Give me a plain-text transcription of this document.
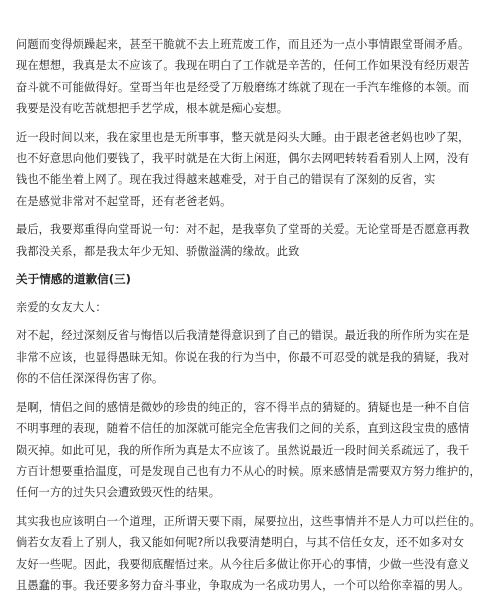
问题而变得烦躁起来，甚至干脆就不去上班荒废工作，而且还为一点小事情跟堂哥闹矛盾。
现在想想，我真是太不应该了。我现在明白了工作就是辛苦的，任何工作如果没有经历艰苦
奋斗就不可能做得好。堂哥当年也是经受了万般磨练才练就了现在一手汽车维修的本领。而
我要是没有吃苦就想把手艺学成，根本就是痴心妄想。
近一段时间以来，我在家里也是无所事事，整天就是闷头大睡。由于跟老爸老妈也吵了架，
也不好意思向他们要钱了，我平时就是在大街上闲逛，偶尔去网吧转转看看别人上网，没有
钱也不能坐着上网了。现在我过得越来越难受，对于自己的错误有了深刻的反省，实
在是感觉非常对不起堂哥，还有老爸老妈。
最后，我要郑重得向堂哥说一句：对不起，是我辜负了堂哥的关爱。无论堂哥是否愿意再教
我都没关系，都是我太年少无知、骄傲溢满的缘故。此致
关于情感的道歉信(三)
亲爱的女友大人：
对不起，经过深刻反省与悔悟以后我清楚得意识到了自己的错误。最近我的所作所为实在是
非常不应该，也显得愚昧无知。你说在我的行为当中，你最不可忍受的就是我的猜疑，我对
你的不信任深深得伤害了你。
是啊，情侣之间的感情是微妙的珍贵的纯正的，容不得半点的猜疑的。猜疑也是一种不自信
不明事理的表现，随着不信任的加深就可能完全危害我们之间的关系，直到这段宝贵的感情
陨灭掉。如此可见，我的所作所为真是太不应该了。虽然说最近一段时间关系疏远了，我千
方百计想要重拾温度，可是发现自己也有力不从心的时候。原来感情是需要双方努力维护的，
任何一方的过失只会遭致毁灭性的结果。
其实我也应该明白一个道理，正所谓天要下雨，屎要拉出，这些事情并不是人力可以拦住的。
倘若女友看上了别人，我又能如何呢?所以我要清楚明白，与其不信任女友，还不如多对女
友好一些呢。因此，我要彻底醒悟过来。从今往后多做让你开心的事情，少做一些没有意义
且愚蠢的事。我还要多努力奋斗事业，争取成为一名成功男人，一个可以给你幸福的男人。
